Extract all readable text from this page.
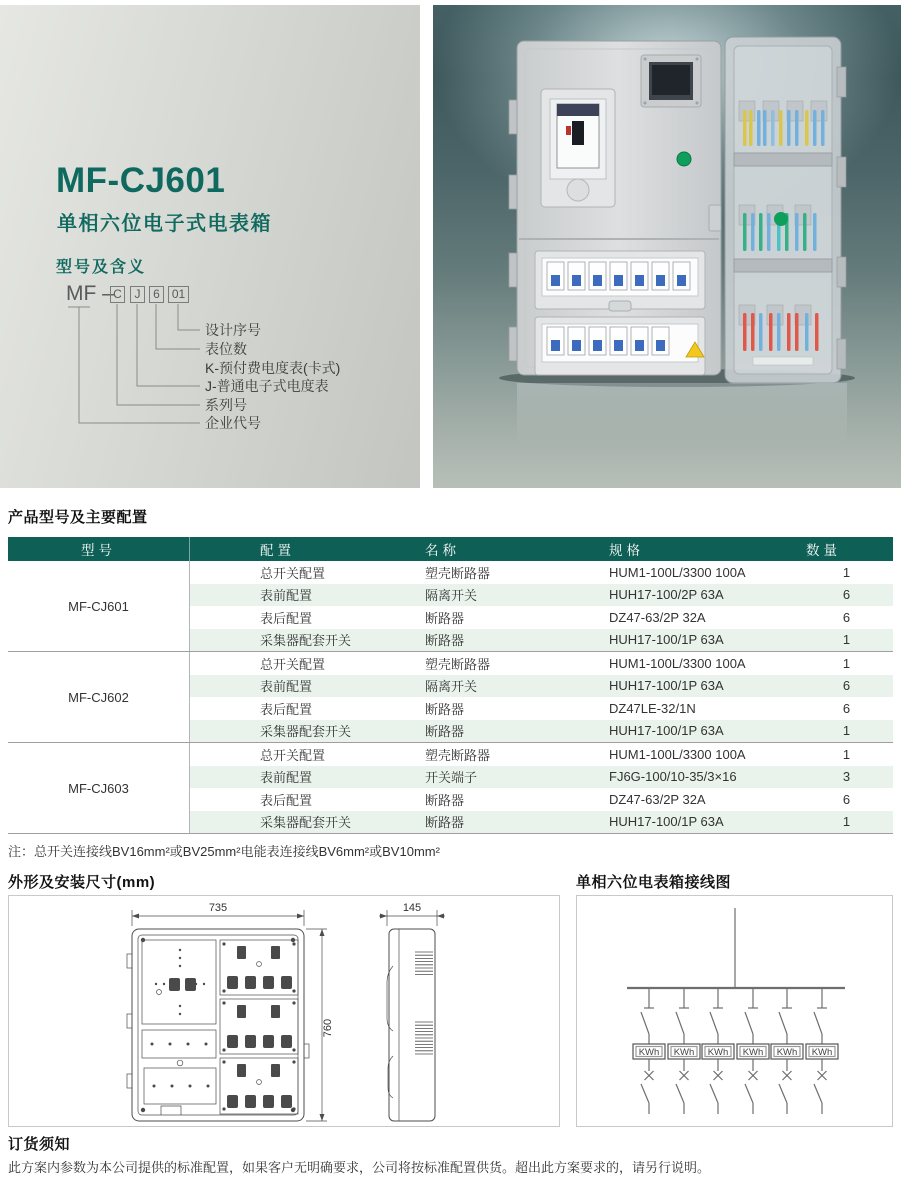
MF-CJ601
单相六位电子式电表箱
型号及含义
MF – C	J	6 01
设计序号
表位数
K-预付费电度表(卡式)
J-普通电子式电度表
系列号
企业代号
产品型号及主要配置
型号	配置	名称	规格	数量
MF-CJ601
总开关配置	塑壳断路器	HUM1-100L/3300 100A	1
表前配置	隔离开关	HUH17-100/2P 63A	6
表后配置	断路器	DZ47-63/2P 32A	6
采集器配套开关	断路器	HUH17-100/1P 63A	1
MF-CJ602
总开关配置	塑壳断路器	HUM1-100L/3300 100A	1
表前配置	隔离开关	HUH17-100/1P 63A	6
表后配置	断路器	DZ47LE-32/1N	6
采集器配套开关	断路器	HUH17-100/1P 63A	1
MF-CJ603
总开关配置	塑壳断路器	HUM1-100L/3300 100A	1
表前配置	开关端子	FJ6G-100/10-35/3×16	3
表后配置	断路器	DZ47-63/2P 32A	6
采集器配套开关	断路器	HUH17-100/1P 63A	1
注：总开关连接线BV16mm²或BV25mm²电能表连接线BV6mm²或BV10mm²
外形及安装尺寸(mm)
735
760
145
单相六位电表箱接线图
KWh KWh KWh KWh KWh KWh
订货须知
此方案内参数为本公司提供的标准配置，如果客户无明确要求，公司将按标准配置供货。超出此方案要求的，请另行说明。
